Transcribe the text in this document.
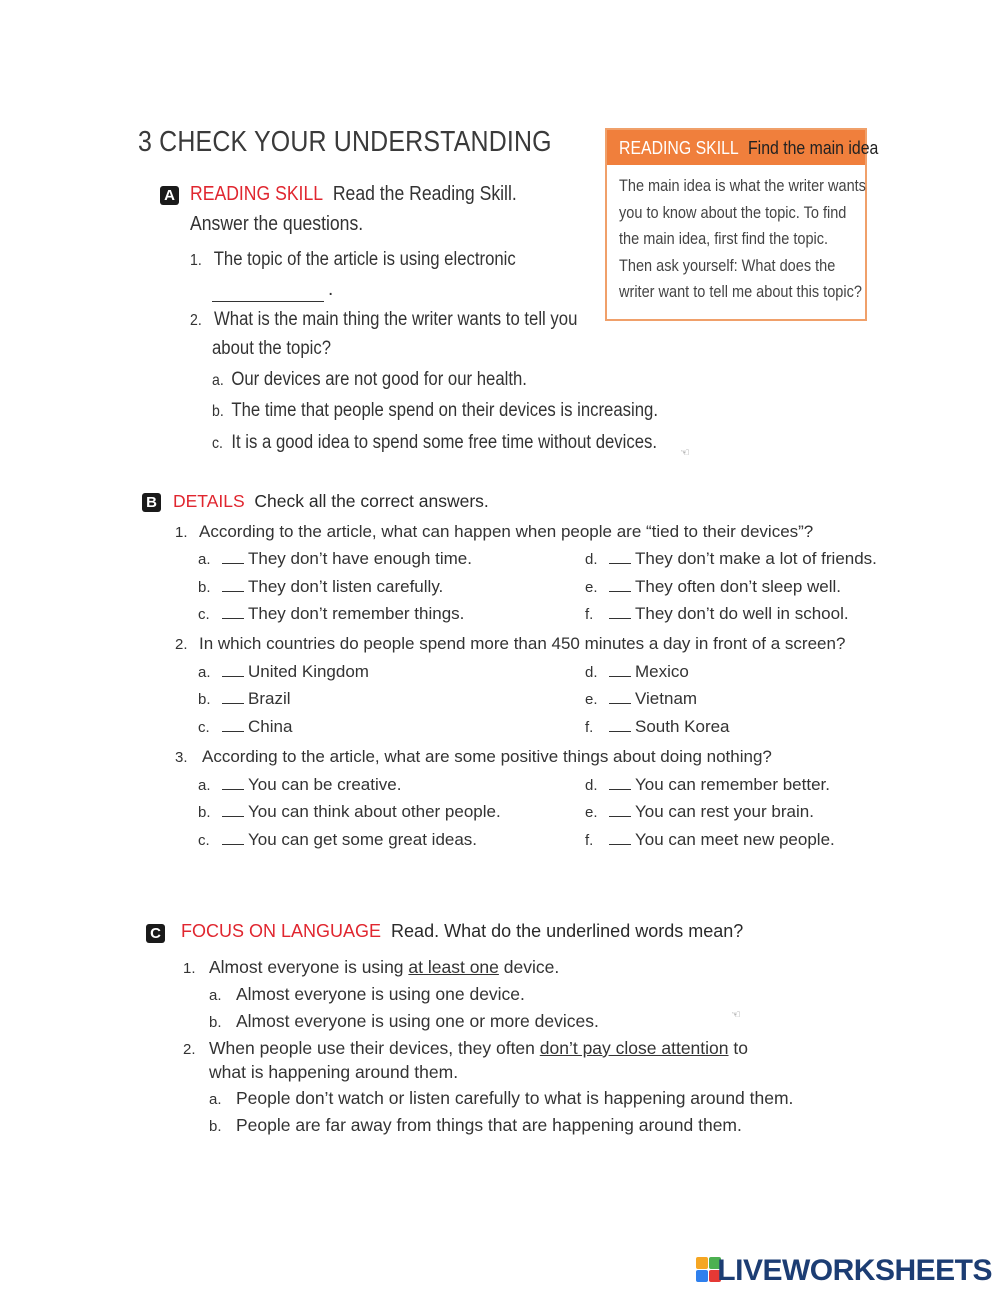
3 CHECK YOUR UNDERSTANDING	READING SKILL Find the main idea
The main idea is what the writer wants
you to know about the topic. To find
the main idea, first find the topic.
Then ask yourself: What does the
writer want to tell me about this topic?
A READING SKILL Read the Reading Skill.
Answer the questions.
1. The topic of the article is using electronic
.
2. What is the main thing the writer wants to tell you
about the topic?
a. Our devices are not good for our health.
b. The time that people spend on their devices is increasing.
c. It is a good idea to spend some free time without devices. ☜
B DETAILS Check all the correct answers.
1. According to the article, what can happen when people are “tied to their devices”?
a. They don’t have enough time.
b. They don’t listen carefully.
c. They don’t remember things.
d. They don’t make a lot of friends.
e. They often don’t sleep well.
f. They don’t do well in school.
2. In which countries do people spend more than 450 minutes a day in front of a screen?
a. United Kingdom
b. Brazil
c. China
d. Mexico
e. Vietnam
f. South Korea
3. According to the article, what are some positive things about doing nothing?
a. You can be creative.
b. You can think about other people.
c. You can get some great ideas.
d. You can remember better.
e. You can rest your brain.
f. You can meet new people.
C FOCUS ON LANGUAGE Read. What do the underlined words mean?
1. Almost everyone is using at least one device.
a. Almost everyone is using one device.
b. Almost everyone is using one or more devices.	☜
2. When people use their devices, they often don’t pay close attention to
what is happening around them.
a. People don’t watch or listen carefully to what is happening around them.
b. People are far away from things that are happening around them.
LIVEWORKSHEETS
